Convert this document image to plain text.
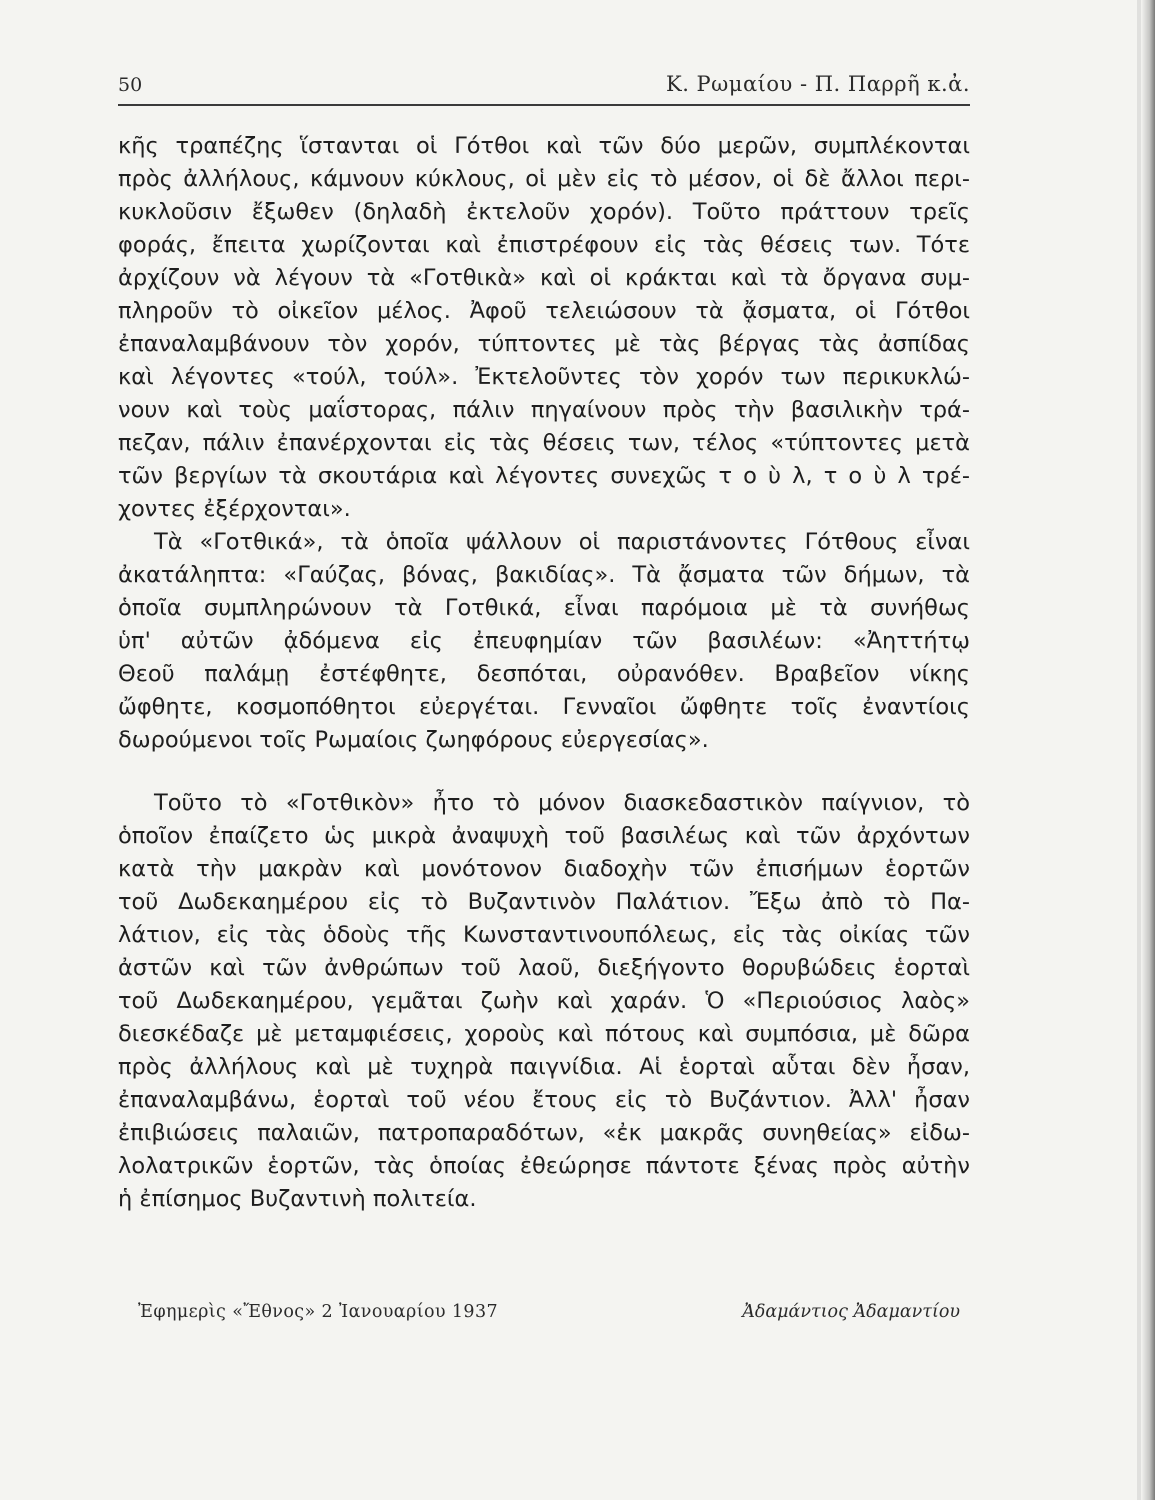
50	Κ. Ρωμαίου - Π. Παρρῆ κ.ἀ.
κῆς τραπέζης ἵστανται οἱ Γότθοι καὶ τῶν δύο μερῶν, συμπλέκονται
πρὸς ἀλλήλους, κάμνουν κύκλους, οἱ μὲν εἰς τὸ μέσον, οἱ δὲ ἄλλοι περι-
κυκλοῦσιν ἔξωθεν (δηλαδὴ ἐκτελοῦν χορόν). Τοῦτο πράττουν τρεῖς
φοράς, ἔπειτα χωρίζονται καὶ ἐπιστρέφουν εἰς τὰς θέσεις των. Τότε
ἀρχίζουν νὰ λέγουν τὰ «Γοτθικὰ» καὶ οἱ κράκται καὶ τὰ ὄργανα συμ-
πληροῦν τὸ οἰκεῖον μέλος. Ἀφοῦ τελειώσουν τὰ ᾄσματα, οἱ Γότθοι
ἐπαναλαμβάνουν τὸν χορόν, τύπτοντες μὲ τὰς βέργας τὰς ἀσπίδας
καὶ λέγοντες «τούλ, τούλ». Ἐκτελοῦντες τὸν χορόν των περικυκλώ-
νουν καὶ τοὺς μαΐστορας, πάλιν πηγαίνουν πρὸς τὴν βασιλικὴν τρά-
πεζαν, πάλιν ἐπανέρχονται εἰς τὰς θέσεις των, τέλος «τύπτοντες μετὰ
τῶν βεργίων τὰ σκουτάρια καὶ λέγοντες συνεχῶς τ ο ὺ λ, τ ο ὺ λ τρέ-
χοντες ἐξέρχονται».
Τὰ «Γοτθικά», τὰ ὁποῖα ψάλλουν οἱ παριστάνοντες Γότθους εἶναι
ἀκατάληπτα: «Γαύζας, βόνας, βακιδίας». Τὰ ᾄσματα τῶν δήμων, τὰ
ὁποῖα συμπληρώνουν τὰ Γοτθικά, εἶναι παρόμοια μὲ τὰ συνήθως
ὑπ' αὐτῶν ᾀδόμενα εἰς ἐπευφημίαν τῶν βασιλέων: «Ἀηττήτῳ
Θεοῦ παλάμῃ ἐστέφθητε, δεσπόται, οὐρανόθεν. Βραβεῖον νίκης
ὤφθητε, κοσμοπόθητοι εὐεργέται. Γενναῖοι ὤφθητε τοῖς ἐναντίοις
δωρούμενοι τοῖς Ρωμαίοις ζωηφόρους εὐεργεσίας».
Τοῦτο τὸ «Γοτθικὸν» ἦτο τὸ μόνον διασκεδαστικὸν παίγνιον, τὸ
ὁποῖον ἐπαίζετο ὡς μικρὰ ἀναψυχὴ τοῦ βασιλέως καὶ τῶν ἀρχόντων
κατὰ τὴν μακρὰν καὶ μονότονον διαδοχὴν τῶν ἐπισήμων ἑορτῶν
τοῦ Δωδεκαημέρου εἰς τὸ Βυζαντινὸν Παλάτιον. Ἔξω ἀπὸ τὸ Πα-
λάτιον, εἰς τὰς ὁδοὺς τῆς Κωνσταντινουπόλεως, εἰς τὰς οἰκίας τῶν
ἀστῶν καὶ τῶν ἀνθρώπων τοῦ λαοῦ, διεξήγοντο θορυβώδεις ἑορταὶ
τοῦ Δωδεκαημέρου, γεμᾶται ζωὴν καὶ χαράν. Ὁ «Περιούσιος λαὸς»
διεσκέδαζε μὲ μεταμφιέσεις, χοροὺς καὶ πότους καὶ συμπόσια, μὲ δῶρα
πρὸς ἀλλήλους καὶ μὲ τυχηρὰ παιγνίδια. Αἱ ἑορταὶ αὗται δὲν ἦσαν,
ἐπαναλαμβάνω, ἑορταὶ τοῦ νέου ἔτους εἰς τὸ Βυζάντιον. Ἀλλ' ἦσαν
ἐπιβιώσεις παλαιῶν, πατροπαραδότων, «ἐκ μακρᾶς συνηθείας» εἰδω-
λολατρικῶν ἑορτῶν, τὰς ὁποίας ἐθεώρησε πάντοτε ξένας πρὸς αὐτὴν
ἡ ἐπίσημος Βυζαντινὴ πολιτεία.
Ἐφημερὶς «Ἔθνος» 2 Ἰανουαρίου 1937	Ἀδαμάντιος Ἀδαμαντίου
